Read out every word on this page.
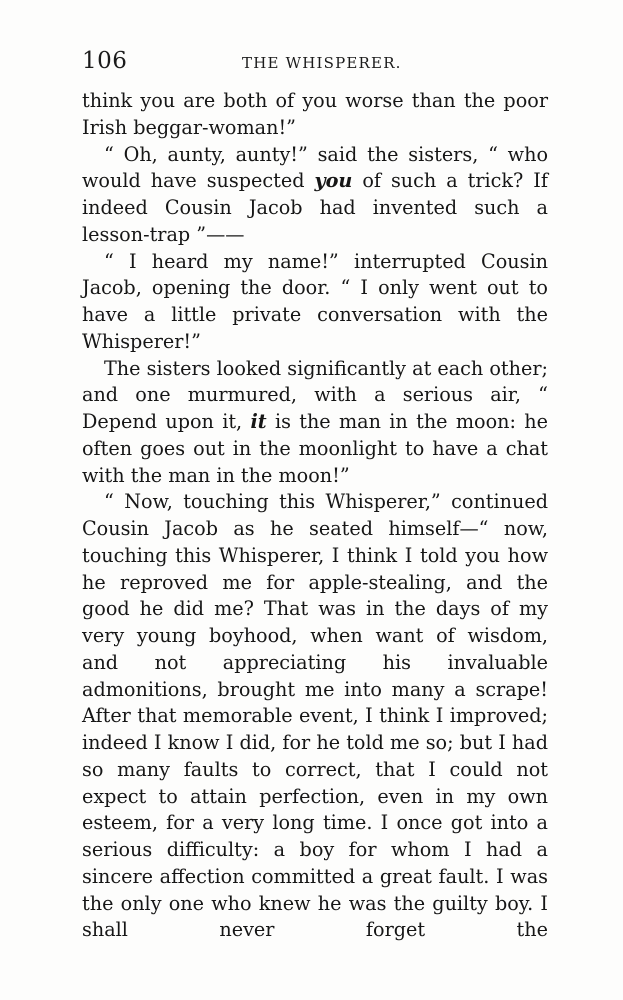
106	THE WHISPERER.

think you are both of you worse than the poor Irish beggar-woman!”

“ Oh, aunty, aunty!” said the sisters, “ who would have suspected you of such a trick? If indeed Cousin Jacob had invented such a lesson-trap ”——

“ I heard my name!” interrupted Cousin Jacob, opening the door. “ I only went out to have a little private conversation with the Whisperer!”

The sisters looked significantly at each other; and one murmured, with a serious air, “ Depend upon it, it is the man in the moon: he often goes out in the moonlight to have a chat with the man in the moon!”

“ Now, touching this Whisperer,” continued Cousin Jacob as he seated himself—“ now, touching this Whisperer, I think I told you how he reproved me for apple-stealing, and the good he did me? That was in the days of my very young boyhood, when want of wisdom, and not appreciating his invaluable admonitions, brought me into many a scrape! After that memorable event, I think I improved; indeed I know I did, for he told me so; but I had so many faults to correct, that I could not expect to attain perfection, even in my own esteem, for a very long time. I once got into a serious difficulty: a boy for whom I had a sincere affection committed a great fault. I was the only one who knew he was the guilty boy. I shall never forget the
